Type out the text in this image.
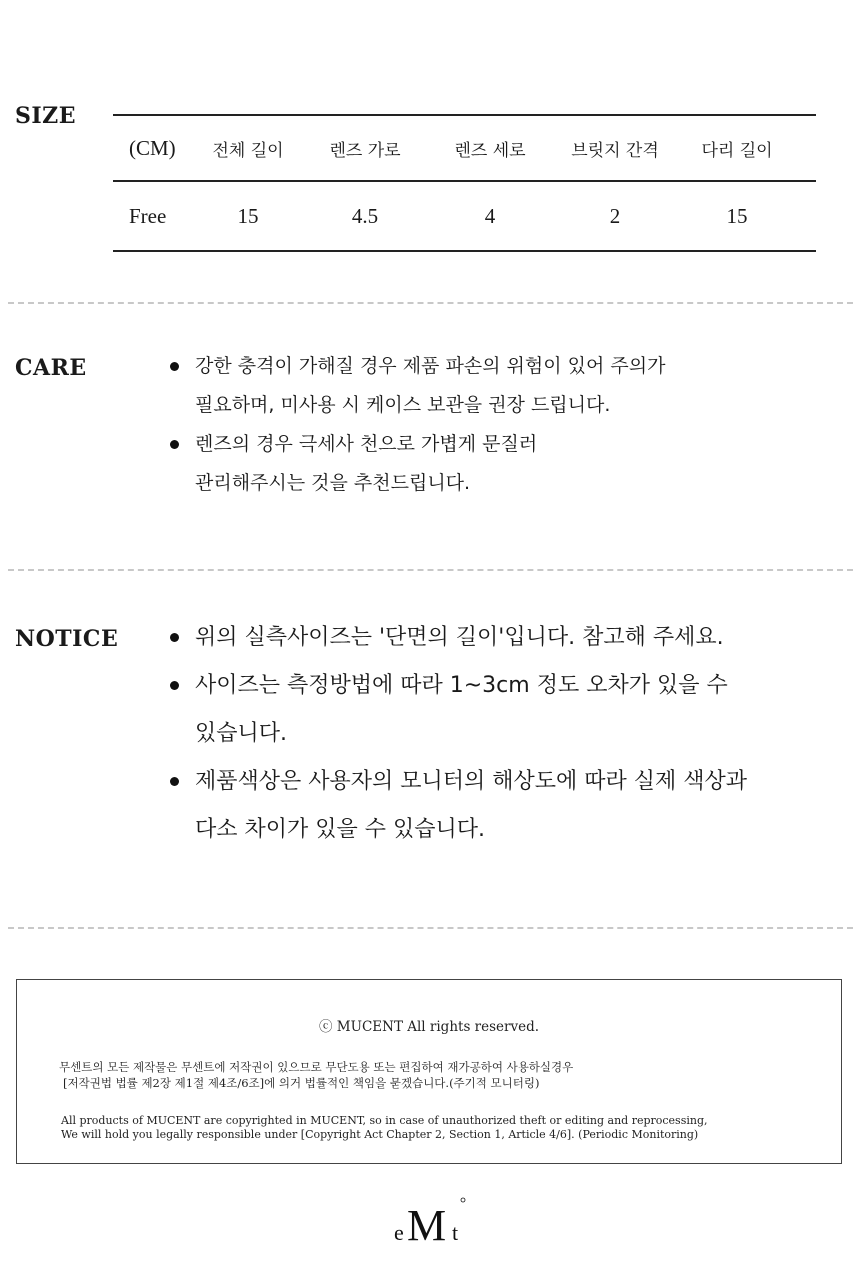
SIZE
(CM)	전체 길이	렌즈 가로	렌즈 세로	브릿지 간격	다리 길이
Free	15	4.5	4	2	15
CARE	강한 충격이 가해질 경우 제품 파손의 위험이 있어 주의가
필요하며, 미사용 시 케이스 보관을 권장 드립니다.
렌즈의 경우 극세사 천으로 가볍게 문질러
관리해주시는 것을 추천드립니다.
NOTICE	위의 실측사이즈는 '단면의 길이'입니다. 참고해 주세요.
사이즈는 측정방법에 따라 1~3cm 정도 오차가 있을 수
있습니다.
제품색상은 사용자의 모니터의 해상도에 따라 실제 색상과
다소 차이가 있을 수 있습니다.
ⓒ MUCENT All rights reserved.
무센트의 모든 제작물은 무센트에 저작권이 있으므로 무단도용 또는 편집하여 재가공하여 사용하실경우
[저작권법 법률 제2장 제1절 제4조/6조]에 의거 법률적인 책임을 묻겠습니다.(주기적 모니터링)
All products of MUCENT are copyrighted in MUCENT, so in case of unauthorized theft or editing and reprocessing,
We will hold you legally responsible under [Copyright Act Chapter 2, Section 1, Article 4/6]. (Periodic Monitoring)
e M t
